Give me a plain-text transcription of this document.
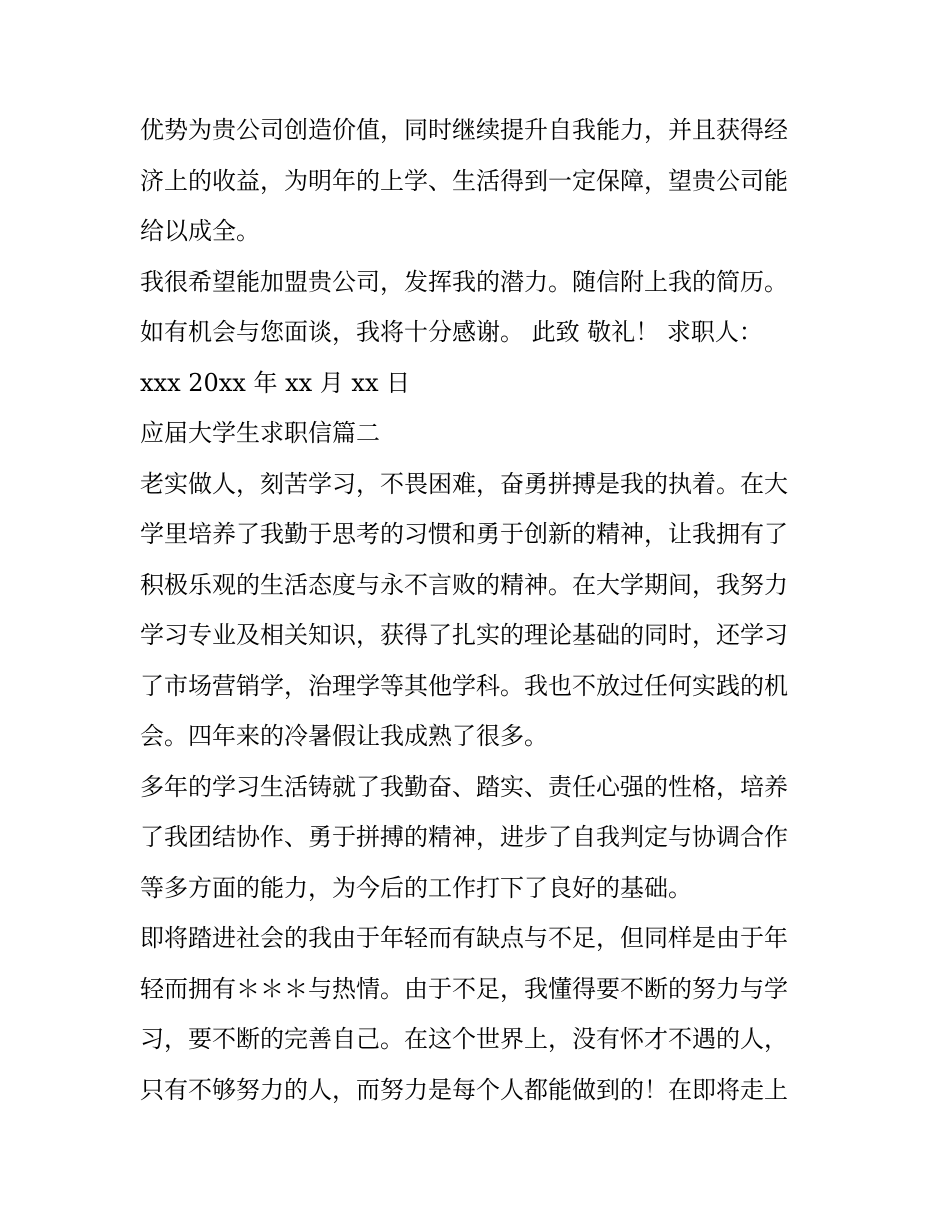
优势为贵公司创造价值，同时继续提升自我能力，并且获得经

济上的收益，为明年的上学、生活得到一定保障，望贵公司能

给以成全。

我很希望能加盟贵公司，发挥我的潜力。随信附上我的简历。

如有机会与您面谈，我将十分感谢。 此致 敬礼！ 求职人：

xxx 20xx 年 xx 月 xx 日

应届大学生求职信篇二

老实做人，刻苦学习，不畏困难，奋勇拼搏是我的执着。在大

学里培养了我勤于思考的习惯和勇于创新的精神，让我拥有了

积极乐观的生活态度与永不言败的精神。在大学期间，我努力

学习专业及相关知识，获得了扎实的理论基础的同时，还学习

了市场营销学，治理学等其他学科。我也不放过任何实践的机

会。四年来的冷暑假让我成熟了很多。

多年的学习生活铸就了我勤奋、踏实、责任心强的性格，培养

了我团结协作、勇于拼搏的精神，进步了自我判定与协调合作

等多方面的能力，为今后的工作打下了良好的基础。

即将踏进社会的我由于年轻而有缺点与不足，但同样是由于年

轻而拥有＊＊＊与热情。由于不足，我懂得要不断的努力与学

习，要不断的完善自己。在这个世界上，没有怀才不遇的人，

只有不够努力的人，而努力是每个人都能做到的！在即将走上
